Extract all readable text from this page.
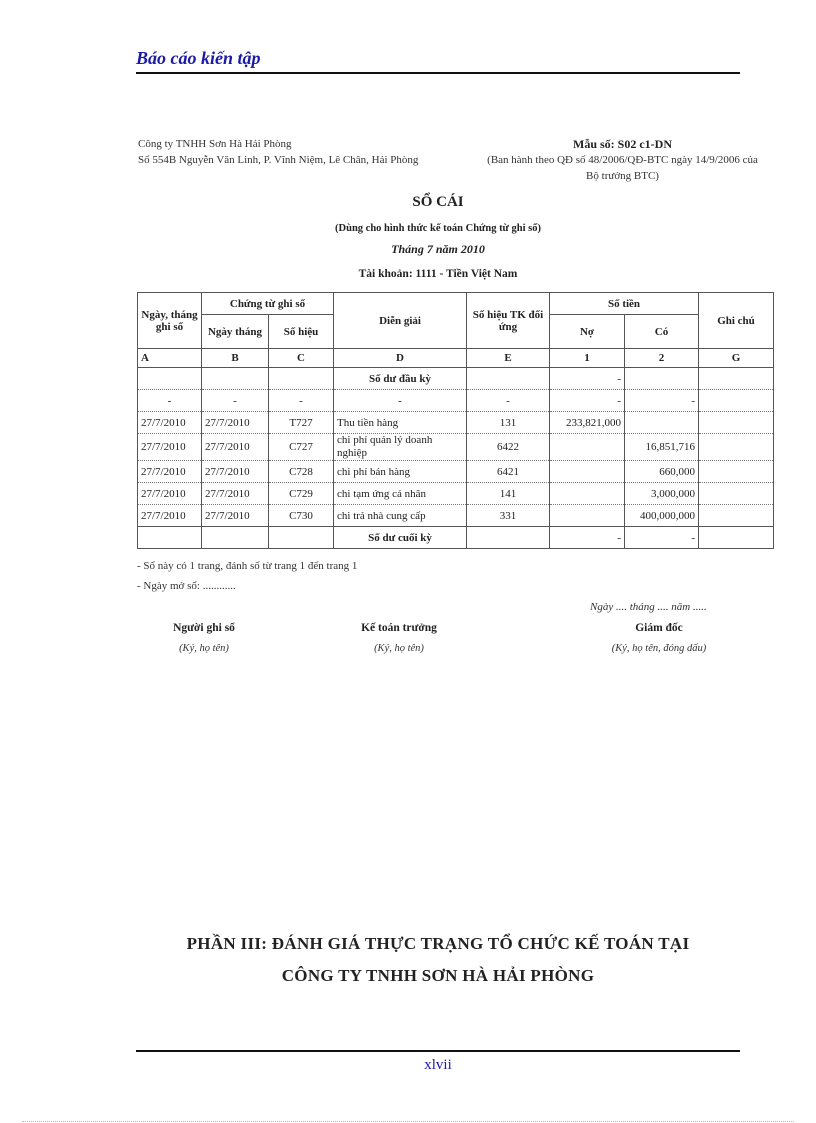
Báo cáo kiến tập
Công ty TNHH Sơn Hà Hải Phòng
Số 554B Nguyễn Văn Linh, P. Vĩnh Niệm, Lê Chân, Hải Phòng
Mẫu số: S02 c1-DN
(Ban hành theo QĐ số 48/2006/QĐ-BTC ngày 14/9/2006 của
Bộ trưởng BTC)
SỔ CÁI
(Dùng cho hình thức kế toán Chứng từ ghi sổ)
Tháng 7 năm 2010
Tài khoản: 1111 - Tiền Việt Nam
Ngày, tháng ghi sổ	Chứng từ ghi sổ		Diễn giải	Số hiệu TK đối ứng	Số tiền		Ghi chú
	Ngày tháng	Số hiệu			Nợ	Có	
A	B	C	D	E	1	2	G
			Số dư đầu kỳ		-		
-	-	-	-	-	-	-	
27/7/2010	27/7/2010	T727	Thu tiền hàng	131	233,821,000		
27/7/2010	27/7/2010	C727	chi phí quản lý doanh nghiệp	6422		16,851,716	
27/7/2010	27/7/2010	C728	chi phí bán hàng	6421		660,000	
27/7/2010	27/7/2010	C729	chi tạm ứng cá nhân	141		3,000,000	
27/7/2010	27/7/2010	C730	chi trả nhà cung cấp	331		400,000,000	
			Số dư cuối kỳ		-	-	
- Sổ này có 1 trang, đánh số từ trang 1 đến trang 1
- Ngày mở sổ: ............
Ngày .... tháng .... năm .....
Người ghi sổ
(Ký, họ tên)
Kế toán trưởng
(Ký, họ tên)
Giám đốc
(Ký, họ tên, đóng dấu)
PHẦN III: ĐÁNH GIÁ THỰC TRẠNG TỔ CHỨC KẾ TOÁN TẠI
CÔNG TY TNHH SƠN HÀ HẢI PHÒNG
xlvii
